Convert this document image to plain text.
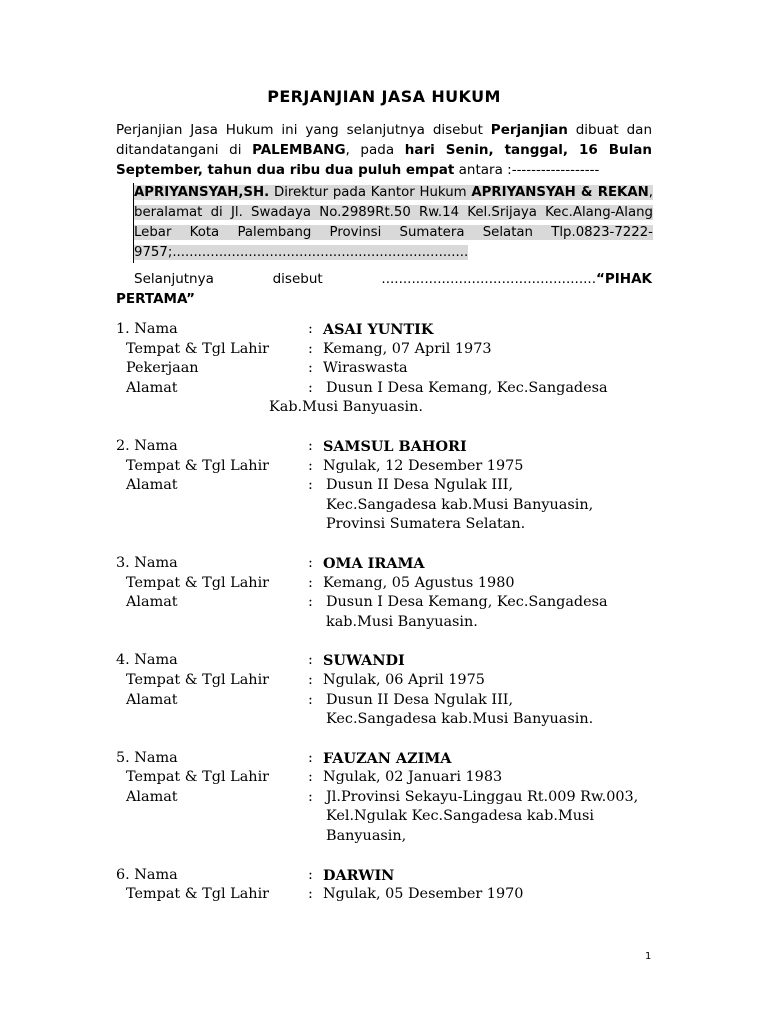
PERJANJIAN JASA HUKUM
Perjanjian Jasa Hukum ini yang selanjutnya disebut Perjanjian dibuat dan ditandatangani di PALEMBANG, pada hari Senin, tanggal, 16 Bulan September, tahun dua ribu dua puluh empat antara :------------------
APRIYANSYAH,SH. Direktur pada Kantor Hukum APRIYANSYAH & REKAN, beralamat di Jl. Swadaya No.2989Rt.50 Rw.14 Kel.Srijaya Kec.Alang-Alang Lebar Kota Palembang Provinsi Sumatera Selatan Tlp.0823-7222-9757;......................................................................
Selanjutnya	disebut	..................................................“PIHAK
PERTAMA”
1. Nama	: ASAI YUNTIK
Tempat & Tgl Lahir	: Kemang, 07 April 1973
Pekerjaan	: Wiraswasta
Alamat	: Dusun I Desa Kemang, Kec.Sangadesa
Kab.Musi Banyuasin.
2. Nama	: SAMSUL BAHORI
Tempat & Tgl Lahir	: Ngulak, 12 Desember 1975
Alamat	: Dusun II Desa Ngulak III,
Kec.Sangadesa kab.Musi Banyuasin,
Provinsi Sumatera Selatan.
3. Nama	: OMA IRAMA
Tempat & Tgl Lahir	: Kemang, 05 Agustus 1980
Alamat	: Dusun I Desa Kemang, Kec.Sangadesa
kab.Musi Banyuasin.
4. Nama	: SUWANDI
Tempat & Tgl Lahir	: Ngulak, 06 April 1975
Alamat	: Dusun II Desa Ngulak III,
Kec.Sangadesa kab.Musi Banyuasin.
5. Nama	: FAUZAN AZIMA
Tempat & Tgl Lahir	: Ngulak, 02 Januari 1983
Alamat	: Jl.Provinsi Sekayu-Linggau Rt.009 Rw.003,
Kel.Ngulak Kec.Sangadesa kab.Musi
Banyuasin,
6. Nama	: DARWIN
Tempat & Tgl Lahir	: Ngulak, 05 Desember 1970
1
